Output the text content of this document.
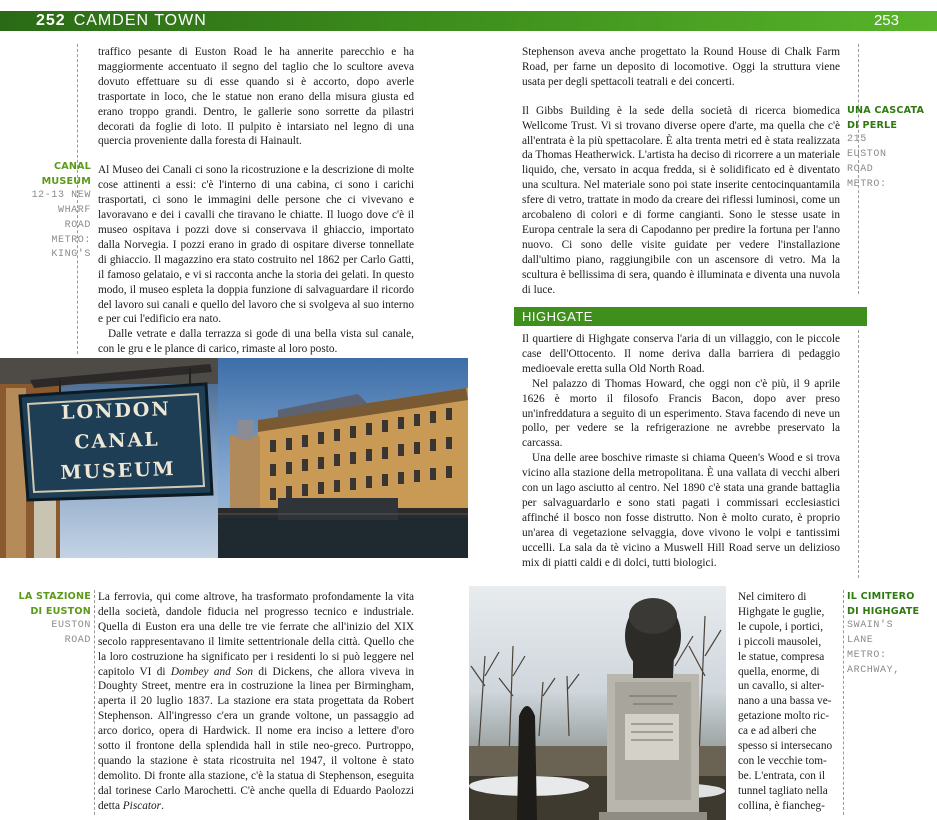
252 CAMDEN TOWN	253
CANAL MUSEUM
12-13 NEW
WHARF
ROAD
METRO:
KING'S
LA STAZIONE
DI EUSTON
EUSTON
ROAD

traffico pesante di Euston Road le ha annerite parecchio e ha maggiormente accentuato il segno del taglio che lo scultore aveva dovuto effettuare su di esse quando si è accorto, dopo averle trasportate in loco, che le statue non erano della misura giusta ed erano troppo grandi. Dentro, le gallerie sono sorrette da pilastri decorati da foglie di loto. Il pulpito è intarsiato nel legno di una quercia proveniente dalla foresta di Hainault.

Al Museo dei Canali ci sono la ricostruzione e la descrizione di molte cose attinenti a essi: c'è l'interno di una cabina, ci sono i carichi trasportati, ci sono le immagini delle persone che ci vivevano e lavoravano e dei i cavalli che tiravano le chiatte. Il luogo dove c'è il museo ospitava i pozzi dove si conservava il ghiaccio, importato dalla Norvegia. I pozzi erano in grado di ospitare diverse tonnellate di ghiaccio. Il magazzino era stato costruito nel 1862 per Carlo Gatti, il famoso gelataio, e vi si racconta anche la storia dei gelati. In questo modo, il museo espleta la doppia funzione di salvaguardare il ricordo del lavoro sui canali e quello del lavoro che si svolgeva al suo interno e per cui l'edificio era nato.

Dalle vetrate e dalla terrazza si gode di una bella vista sul canale, con le gru e le plance di carico, rimaste al loro posto.

LONDON
CANAL
MUSEUM

La ferrovia, qui come altrove, ha trasformato profondamente la vita della società, dandole fiducia nel progresso tecnico e industriale. Quella di Euston era una delle tre vie ferrate che all'inizio del XIX secolo rappresentavano il limite settentrionale della città. Quello che la loro costruzione ha significato per i residenti lo si può leggere nel capitolo VI di Dombey and Son di Dickens, che allora viveva in Doughty Street, mentre era in costruzione la linea per Birmingham, aperta il 20 luglio 1837. La stazione era stata progettata da Robert Stephenson. All'ingresso c'era un grande voltone, un passaggio ad arco dorico, opera di Hardwick. Il nome era inciso a lettere d'oro sotto il frontone della splendida hall in stile neo-greco. Purtroppo, quando la stazione è stata ricostruita nel 1947, il voltone è stato demolito. Di fronte alla stazione, c'è la statua di Stephenson, eseguita dal torinese Carlo Marochetti. C'è anche quella di Eduardo Paolozzi detta Piscator.

Stephenson aveva anche progettato la Round House di Chalk Farm Road, per farne un deposito di locomotive. Oggi la struttura viene usata per degli spettacoli teatrali e dei concerti.

Il Gibbs Building è la sede della società di ricerca biomedica Wellcome Trust. Vi si trovano diverse opere d'arte, ma quella che c'è all'entrata è la più spettacolare. È alta trenta metri ed è stata realizzata da Thomas Heatherwick. L'artista ha deciso di ricorrere a un materiale liquido, che, versato in acqua fredda, si è solidificato ed è diventato una scultura. Nel materiale sono poi state inserite centocinquantamila sfere di vetro, trattate in modo da creare dei riflessi luminosi, come un arcobaleno di colori e di forme cangianti. Sono le stesse usate in Europa centrale la sera di Capodanno per predire la fortuna per l'anno nuovo. Ci sono delle visite guidate per vedere l'installazione dall'ultimo piano, raggiungibile con un ascensore di vetro. Ma la scultura è bellissima di sera, quando è illuminata e diventa una nuvola di luce.

UNA CASCATA
DI PERLE
215
EUSTON
ROAD
METRO:
HIGHGATE

Il quartiere di Highgate conserva l'aria di un villaggio, con le piccole case dell'Ottocento. Il nome deriva dalla barriera di pedaggio medioevale eretta sulla Old North Road.

Nel palazzo di Thomas Howard, che oggi non c'è più, il 9 aprile 1626 è morto il filosofo Francis Bacon, dopo aver preso un'infreddatura a seguito di un esperimento. Stava facendo di neve un pollo, per vedere se la refrigerazione ne avrebbe preservato la carcassa.

Una delle aree boschive rimaste si chiama Queen's Wood e si trova vicino alla stazione della metropolitana. È una vallata di vecchi alberi con un lago asciutto al centro. Nel 1890 c'è stata una grande battaglia per salvaguardarlo e sono stati pagati i commissari ecclesiastici affinché il bosco non fosse distrutto. Non è molto curato, è proprio un'area di vegetazione selvaggia, dove vivono le volpi e tantissimi uccelli. La sala da tè vicino a Muswell Hill Road serve un delizioso mix di piatti caldi e di dolci, tutti biologici.

Nel cimitero di
Highgate le guglie,
le cupole, i portici,
i piccoli mausolei,
le statue, compresa
quella, enorme, di
un cavallo, si alter-
nano a una bassa ve-
getazione molto ric-
ca e ad alberi che
spesso si intersecano
con le vecchie tom-
be. L'entrata, con il
tunnel tagliato nella
collina, è fiancheg-
IL CIMITERO
DI HIGHGATE
SWAIN'S
LANE
METRO:
ARCHWAY,
